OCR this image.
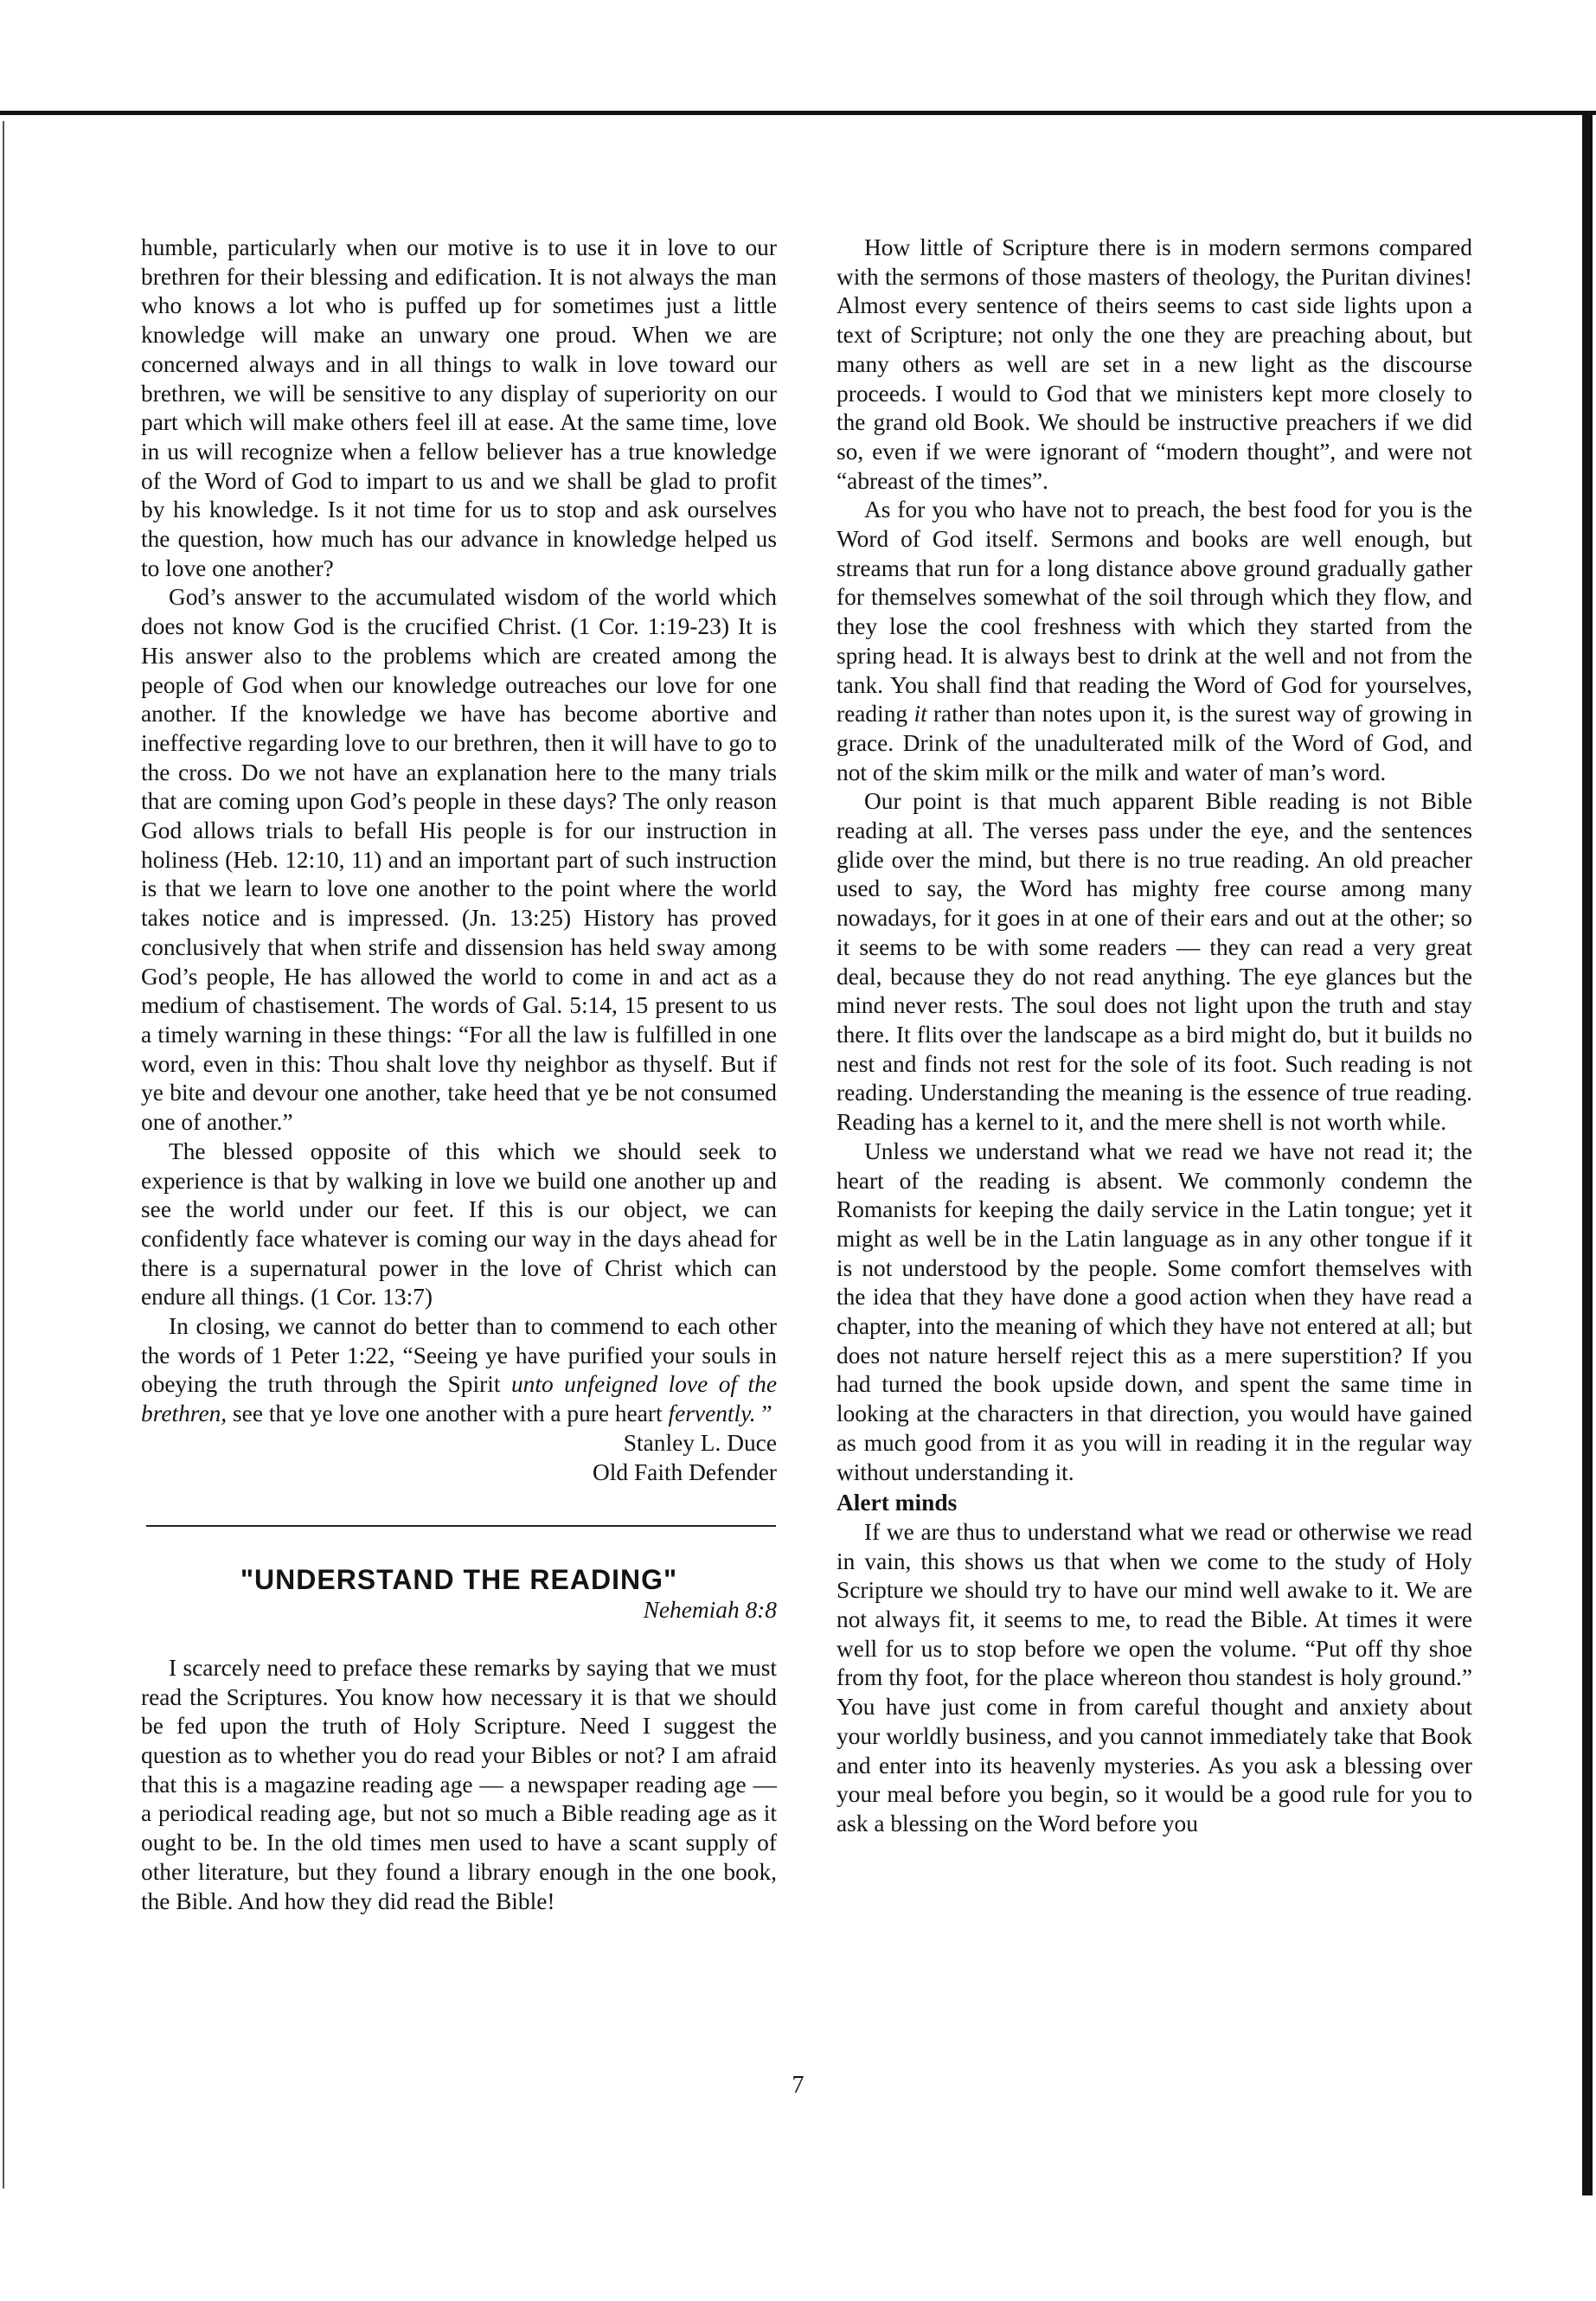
humble, particularly when our motive is to use it in love to our brethren for their blessing and edification. It is not always the man who knows a lot who is puffed up for sometimes just a little knowledge will make an unwary one proud. When we are concerned always and in all things to walk in love toward our brethren, we will be sensitive to any display of superiority on our part which will make others feel ill at ease. At the same time, love in us will recognize when a fellow believer has a true knowledge of the Word of God to impart to us and we shall be glad to profit by his knowledge. Is it not time for us to stop and ask ourselves the question, how much has our advance in knowledge helped us to love one another?

God’s answer to the accumulated wisdom of the world which does not know God is the crucified Christ. (1 Cor. 1:19-23) It is His answer also to the problems which are created among the people of God when our knowledge outreaches our love for one another. If the knowledge we have has become abortive and ineffective regarding love to our brethren, then it will have to go to the cross. Do we not have an explanation here to the many trials that are coming upon God’s people in these days? The only reason God allows trials to befall His people is for our instruction in holiness (Heb. 12:10, 11) and an important part of such instruction is that we learn to love one another to the point where the world takes notice and is impressed. (Jn. 13:25) History has proved conclusively that when strife and dissension has held sway among God’s people, He has allowed the world to come in and act as a medium of chastisement. The words of Gal. 5:14, 15 present to us a timely warning in these things: “For all the law is fulfilled in one word, even in this: Thou shalt love thy neighbor as thyself. But if ye bite and devour one another, take heed that ye be not consumed one of another.”

The blessed opposite of this which we should seek to experience is that by walking in love we build one another up and see the world under our feet. If this is our object, we can confidently face whatever is coming our way in the days ahead for there is a supernatural power in the love of Christ which can endure all things. (1 Cor. 13:7)

In closing, we cannot do better than to commend to each other the words of 1 Peter 1:22, “Seeing ye have purified your souls in obeying the truth through the Spirit unto unfeigned love of the brethren, see that ye love one another with a pure heart fervently. ”

Stanley L. Duce
Old Faith Defender
"UNDERSTAND THE READING"
Nehemiah 8:8

I scarcely need to preface these remarks by saying that we must read the Scriptures. You know how necessary it is that we should be fed upon the truth of Holy Scripture. Need I suggest the question as to whether you do read your Bibles or not? I am afraid that this is a magazine reading age — a newspaper reading age — a periodical reading age, but not so much a Bible reading age as it ought to be. In the old times men used to have a scant supply of other literature, but they found a library enough in the one book, the Bible. And how they did read the Bible!

How little of Scripture there is in modern sermons compared with the sermons of those masters of theology, the Puritan divines! Almost every sentence of theirs seems to cast side lights upon a text of Scripture; not only the one they are preaching about, but many others as well are set in a new light as the discourse proceeds. I would to God that we ministers kept more closely to the grand old Book. We should be instructive preachers if we did so, even if we were ignorant of “modern thought”, and were not “abreast of the times”.

As for you who have not to preach, the best food for you is the Word of God itself. Sermons and books are well enough, but streams that run for a long distance above ground gradually gather for themselves somewhat of the soil through which they flow, and they lose the cool freshness with which they started from the spring head. It is always best to drink at the well and not from the tank. You shall find that reading the Word of God for yourselves, reading it rather than notes upon it, is the surest way of growing in grace. Drink of the unadulterated milk of the Word of God, and not of the skim milk or the milk and water of man’s word.

Our point is that much apparent Bible reading is not Bible reading at all. The verses pass under the eye, and the sentences glide over the mind, but there is no true reading. An old preacher used to say, the Word has mighty free course among many nowadays, for it goes in at one of their ears and out at the other; so it seems to be with some readers — they can read a very great deal, because they do not read anything. The eye glances but the mind never rests. The soul does not light upon the truth and stay there. It flits over the landscape as a bird might do, but it builds no nest and finds not rest for the sole of its foot. Such reading is not reading. Understanding the meaning is the essence of true reading. Reading has a kernel to it, and the mere shell is not worth while.

Unless we understand what we read we have not read it; the heart of the reading is absent. We commonly condemn the Romanists for keeping the daily service in the Latin tongue; yet it might as well be in the Latin language as in any other tongue if it is not understood by the people. Some comfort themselves with the idea that they have done a good action when they have read a chapter, into the meaning of which they have not entered at all; but does not nature herself reject this as a mere superstition? If you had turned the book upside down, and spent the same time in looking at the characters in that direction, you would have gained as much good from it as you will in reading it in the regular way without understanding it.

Alert minds

If we are thus to understand what we read or otherwise we read in vain, this shows us that when we come to the study of Holy Scripture we should try to have our mind well awake to it. We are not always fit, it seems to me, to read the Bible. At times it were well for us to stop before we open the volume. “Put off thy shoe from thy foot, for the place whereon thou standest is holy ground.” You have just come in from careful thought and anxiety about your worldly business, and you cannot immediately take that Book and enter into its heavenly mysteries. As you ask a blessing over your meal before you begin, so it would be a good rule for you to ask a blessing on the Word before you

7
